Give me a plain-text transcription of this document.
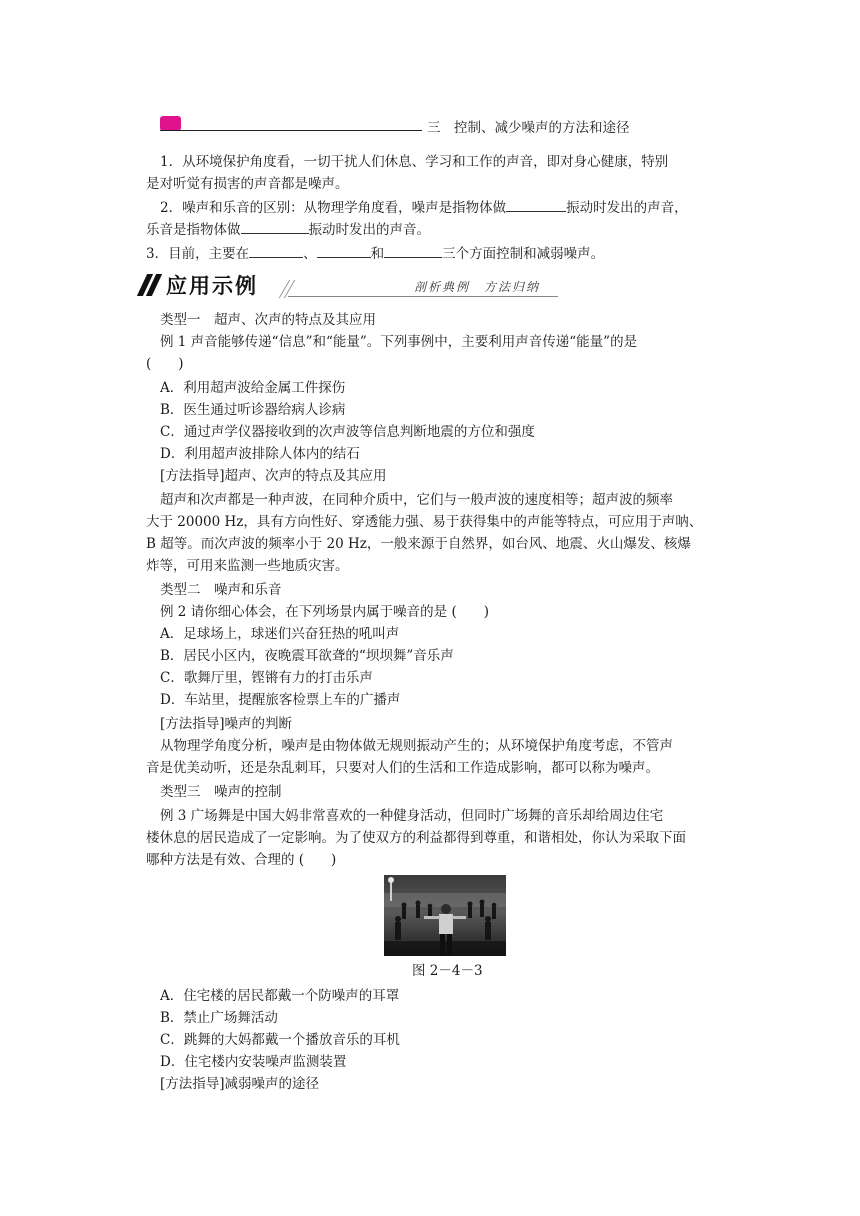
三　控制、减少噪声的方法和途径
1．从环境保护角度看，一切干扰人们休息、学习和工作的声音，即对身心健康，特别
是对听觉有损害的声音都是噪声。
2．噪声和乐音的区别：从物理学角度看，噪声是指物体做	振动时发出的声音，
乐音是指物体做	振动时发出的声音。
3．目前，主要在	、	和	三个方面控制和减弱噪声。
应用示例	剖析典例　方法归纳
类型一　超声、次声的特点及其应用
例 1 声音能够传递“信息”和“能量”。下列事例中，主要利用声音传递“能量”的是
(　　)
A．利用超声波给金属工件探伤
B．医生通过听诊器给病人诊病
C．通过声学仪器接收到的次声波等信息判断地震的方位和强度
D．利用超声波排除人体内的结石
[方法指导]超声、次声的特点及其应用
超声和次声都是一种声波，在同种介质中，它们与一般声波的速度相等；超声波的频率
大于 20000 Hz，具有方向性好、穿透能力强、易于获得集中的声能等特点，可应用于声呐、
B 超等。而次声波的频率小于 20 Hz，一般来源于自然界，如台风、地震、火山爆发、核爆
炸等，可用来监测一些地质灾害。
类型二　噪声和乐音
例 2 请你细心体会，在下列场景内属于噪音的是 (　　)
A．足球场上，球迷们兴奋狂热的吼叫声
B．居民小区内，夜晚震耳欲聋的“坝坝舞”音乐声
C．歌舞厅里，铿锵有力的打击乐声
D．车站里，提醒旅客检票上车的广播声
[方法指导]噪声的判断
从物理学角度分析，噪声是由物体做无规则振动产生的；从环境保护角度考虑，不管声
音是优美动听，还是杂乱刺耳，只要对人们的生活和工作造成影响，都可以称为噪声。
类型三　噪声的控制
例 3 广场舞是中国大妈非常喜欢的一种健身活动，但同时广场舞的音乐却给周边住宅
楼休息的居民造成了一定影响。为了使双方的利益都得到尊重，和谐相处，你认为采取下面
哪种方法是有效、合理的 (　　)
图 2－4－3
A．住宅楼的居民都戴一个防噪声的耳罩
B．禁止广场舞活动
C．跳舞的大妈都戴一个播放音乐的耳机
D．住宅楼内安装噪声监测装置
[方法指导]减弱噪声的途径
